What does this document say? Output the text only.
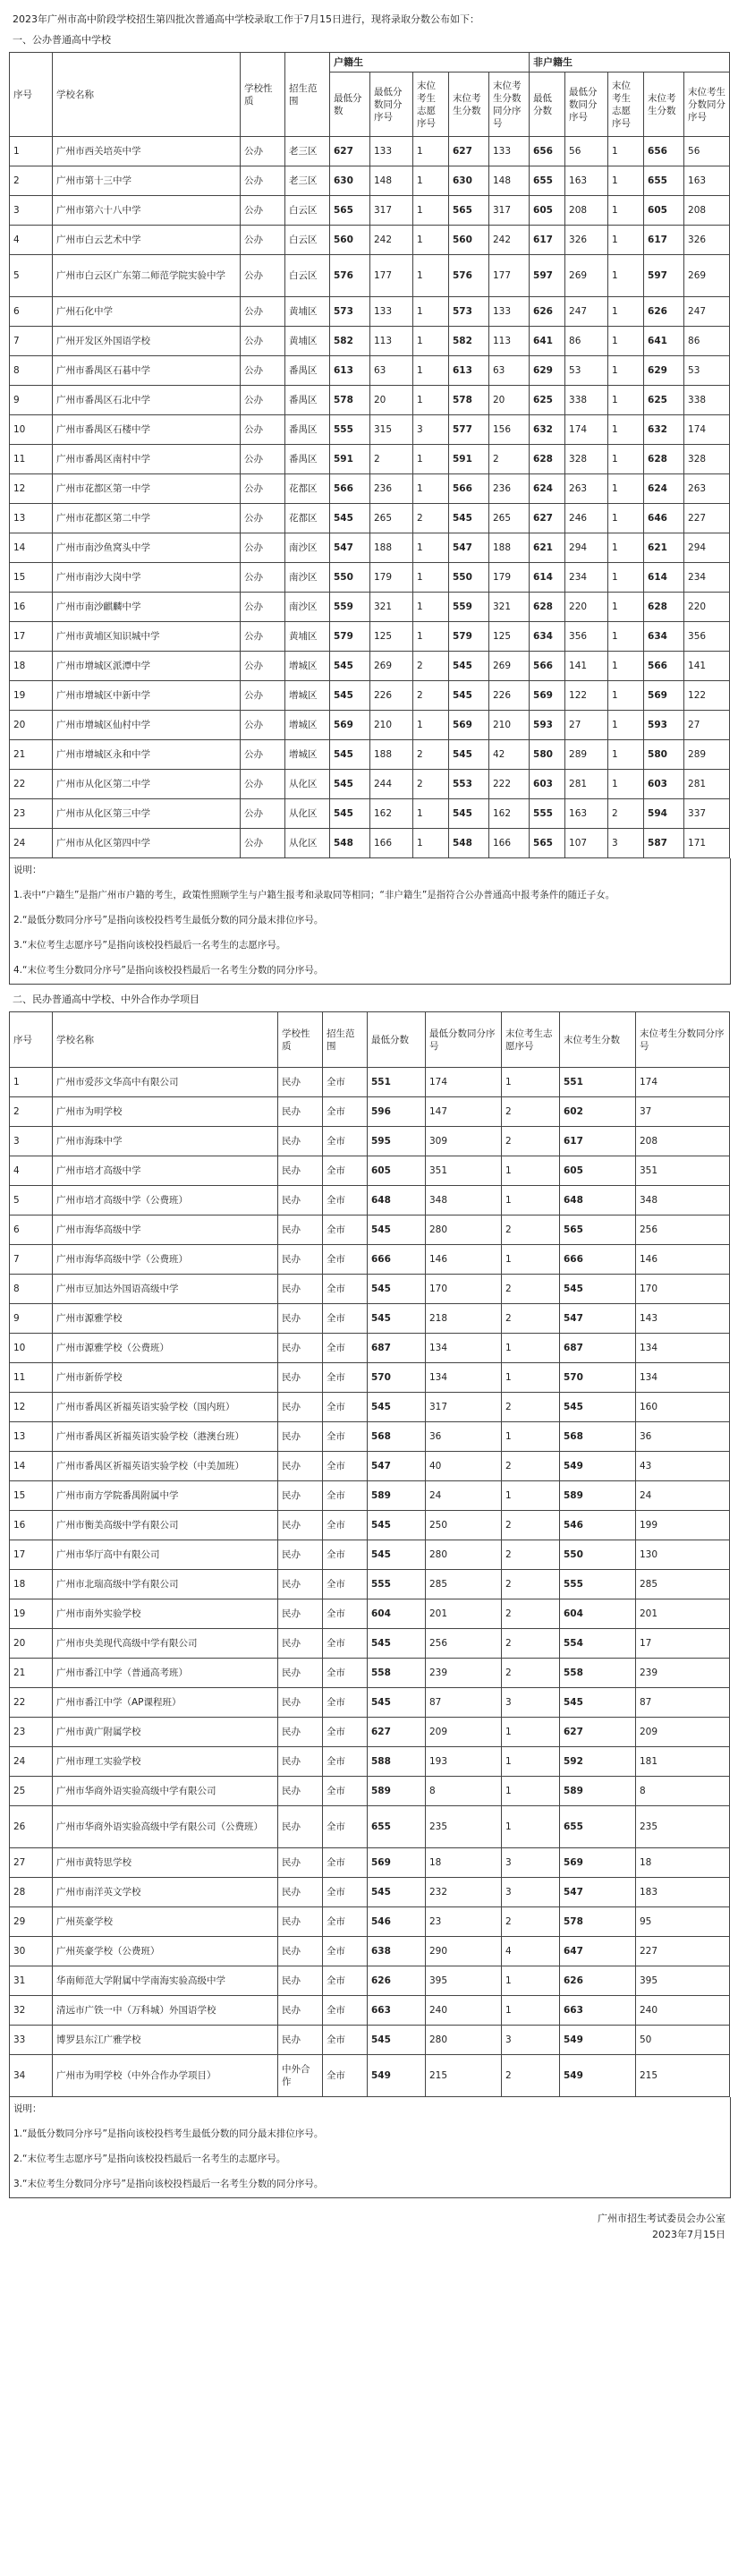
2023年广州市高中阶段学校招生第四批次普通高中学校录取工作于7月15日进行，现将录取分数公布如下：
一、公办普通高中学校
序号	学校名称	学校性质	招生范围	户籍生					非户籍生				
				最低分数	最低分数同分序号	末位考生志愿序号	末位考生分数	末位考生分数同分序号	最低分数	最低分数同分序号	末位考生志愿序号	末位考生分数	末位考生分数同分序号
1	广州市西关培英中学	公办	老三区	627	133	1	627	133	656	56	1	656	56
2	广州市第十三中学	公办	老三区	630	148	1	630	148	655	163	1	655	163
3	广州市第六十八中学	公办	白云区	565	317	1	565	317	605	208	1	605	208
4	广州市白云艺术中学	公办	白云区	560	242	1	560	242	617	326	1	617	326
5	广州市白云区广东第二师范学院实验中学	公办	白云区	576	177	1	576	177	597	269	1	597	269
6	广州石化中学	公办	黄埔区	573	133	1	573	133	626	247	1	626	247
7	广州开发区外国语学校	公办	黄埔区	582	113	1	582	113	641	86	1	641	86
8	广州市番禺区石碁中学	公办	番禺区	613	63	1	613	63	629	53	1	629	53
9	广州市番禺区石北中学	公办	番禺区	578	20	1	578	20	625	338	1	625	338
10	广州市番禺区石楼中学	公办	番禺区	555	315	3	577	156	632	174	1	632	174
11	广州市番禺区南村中学	公办	番禺区	591	2	1	591	2	628	328	1	628	328
12	广州市花都区第一中学	公办	花都区	566	236	1	566	236	624	263	1	624	263
13	广州市花都区第二中学	公办	花都区	545	265	2	545	265	627	246	1	646	227
14	广州市南沙鱼窝头中学	公办	南沙区	547	188	1	547	188	621	294	1	621	294
15	广州市南沙大岗中学	公办	南沙区	550	179	1	550	179	614	234	1	614	234
16	广州市南沙麒麟中学	公办	南沙区	559	321	1	559	321	628	220	1	628	220
17	广州市黄埔区知识城中学	公办	黄埔区	579	125	1	579	125	634	356	1	634	356
18	广州市增城区派潭中学	公办	增城区	545	269	2	545	269	566	141	1	566	141
19	广州市增城区中新中学	公办	增城区	545	226	2	545	226	569	122	1	569	122
20	广州市增城区仙村中学	公办	增城区	569	210	1	569	210	593	27	1	593	27
21	广州市增城区永和中学	公办	增城区	545	188	2	545	42	580	289	1	580	289
22	广州市从化区第二中学	公办	从化区	545	244	2	553	222	603	281	1	603	281
23	广州市从化区第三中学	公办	从化区	545	162	1	545	162	555	163	2	594	337
24	广州市从化区第四中学	公办	从化区	548	166	1	548	166	565	107	3	587	171

说明：

1.表中“户籍生”是指广州市户籍的考生，政策性照顾学生与户籍生报考和录取同等相同；“非户籍生”是指符合公办普通高中报考条件的随迁子女。

2.“最低分数同分序号”是指向该校投档考生最低分数的同分最末排位序号。

3.“末位考生志愿序号”是指向该校投档最后一名考生的志愿序号。

4.“末位考生分数同分序号”是指向该校投档最后一名考生分数的同分序号。

二、民办普通高中学校、中外合作办学项目
序号	学校名称	学校性质	招生范围	最低分数	最低分数同分序号	末位考生志愿序号	末位考生分数	末位考生分数同分序号
1	广州市爱莎文华高中有限公司	民办	全市	551	174	1	551	174
2	广州市为明学校	民办	全市	596	147	2	602	37
3	广州市海珠中学	民办	全市	595	309	2	617	208
4	广州市培才高级中学	民办	全市	605	351	1	605	351
5	广州市培才高级中学（公费班）	民办	全市	648	348	1	648	348
6	广州市海华高级中学	民办	全市	545	280	2	565	256
7	广州市海华高级中学（公费班）	民办	全市	666	146	1	666	146
8	广州市豆加达外国语高级中学	民办	全市	545	170	2	545	170
9	广州市源雅学校	民办	全市	545	218	2	547	143
10	广州市源雅学校（公费班）	民办	全市	687	134	1	687	134
11	广州市新侨学校	民办	全市	570	134	1	570	134
12	广州市番禺区祈福英语实验学校（国内班）	民办	全市	545	317	2	545	160
13	广州市番禺区祈福英语实验学校（港澳台班）	民办	全市	568	36	1	568	36
14	广州市番禺区祈福英语实验学校（中美加班）	民办	全市	547	40	2	549	43
15	广州市南方学院番禺附属中学	民办	全市	589	24	1	589	24
16	广州市衡美高级中学有限公司	民办	全市	545	250	2	546	199
17	广州市华厅高中有限公司	民办	全市	545	280	2	550	130
18	广州市北瑞高级中学有限公司	民办	全市	555	285	2	555	285
19	广州市南外实验学校	民办	全市	604	201	2	604	201
20	广州市央美现代高级中学有限公司	民办	全市	545	256	2	554	17
21	广州市番江中学（普通高考班）	民办	全市	558	239	2	558	239
22	广州市番江中学（AP课程班）	民办	全市	545	87	3	545	87
23	广州市黄广附属学校	民办	全市	627	209	1	627	209
24	广州市理工实验学校	民办	全市	588	193	1	592	181
25	广州市华商外语实验高级中学有限公司	民办	全市	589	8	1	589	8
26	广州市华商外语实验高级中学有限公司（公费班）	民办	全市	655	235	1	655	235
27	广州市黄特思学校	民办	全市	569	18	3	569	18
28	广州市南洋英文学校	民办	全市	545	232	3	547	183
29	广州英豪学校	民办	全市	546	23	2	578	95
30	广州英豪学校（公费班）	民办	全市	638	290	4	647	227
31	华南师范大学附属中学南海实验高级中学	民办	全市	626	395	1	626	395
32	清远市广铁一中（万科城）外国语学校	民办	全市	663	240	1	663	240
33	博罗县东江广雅学校	民办	全市	545	280	3	549	50
34	广州市为明学校（中外合作办学项目）	中外合作	全市	549	215	2	549	215

说明：

1.“最低分数同分序号”是指向该校投档考生最低分数的同分最末排位序号。

2.“末位考生志愿序号”是指向该校投档最后一名考生的志愿序号。

3.“末位考生分数同分序号”是指向该校投档最后一名考生分数的同分序号。

广州市招生考试委员会办公室
2023年7月15日
